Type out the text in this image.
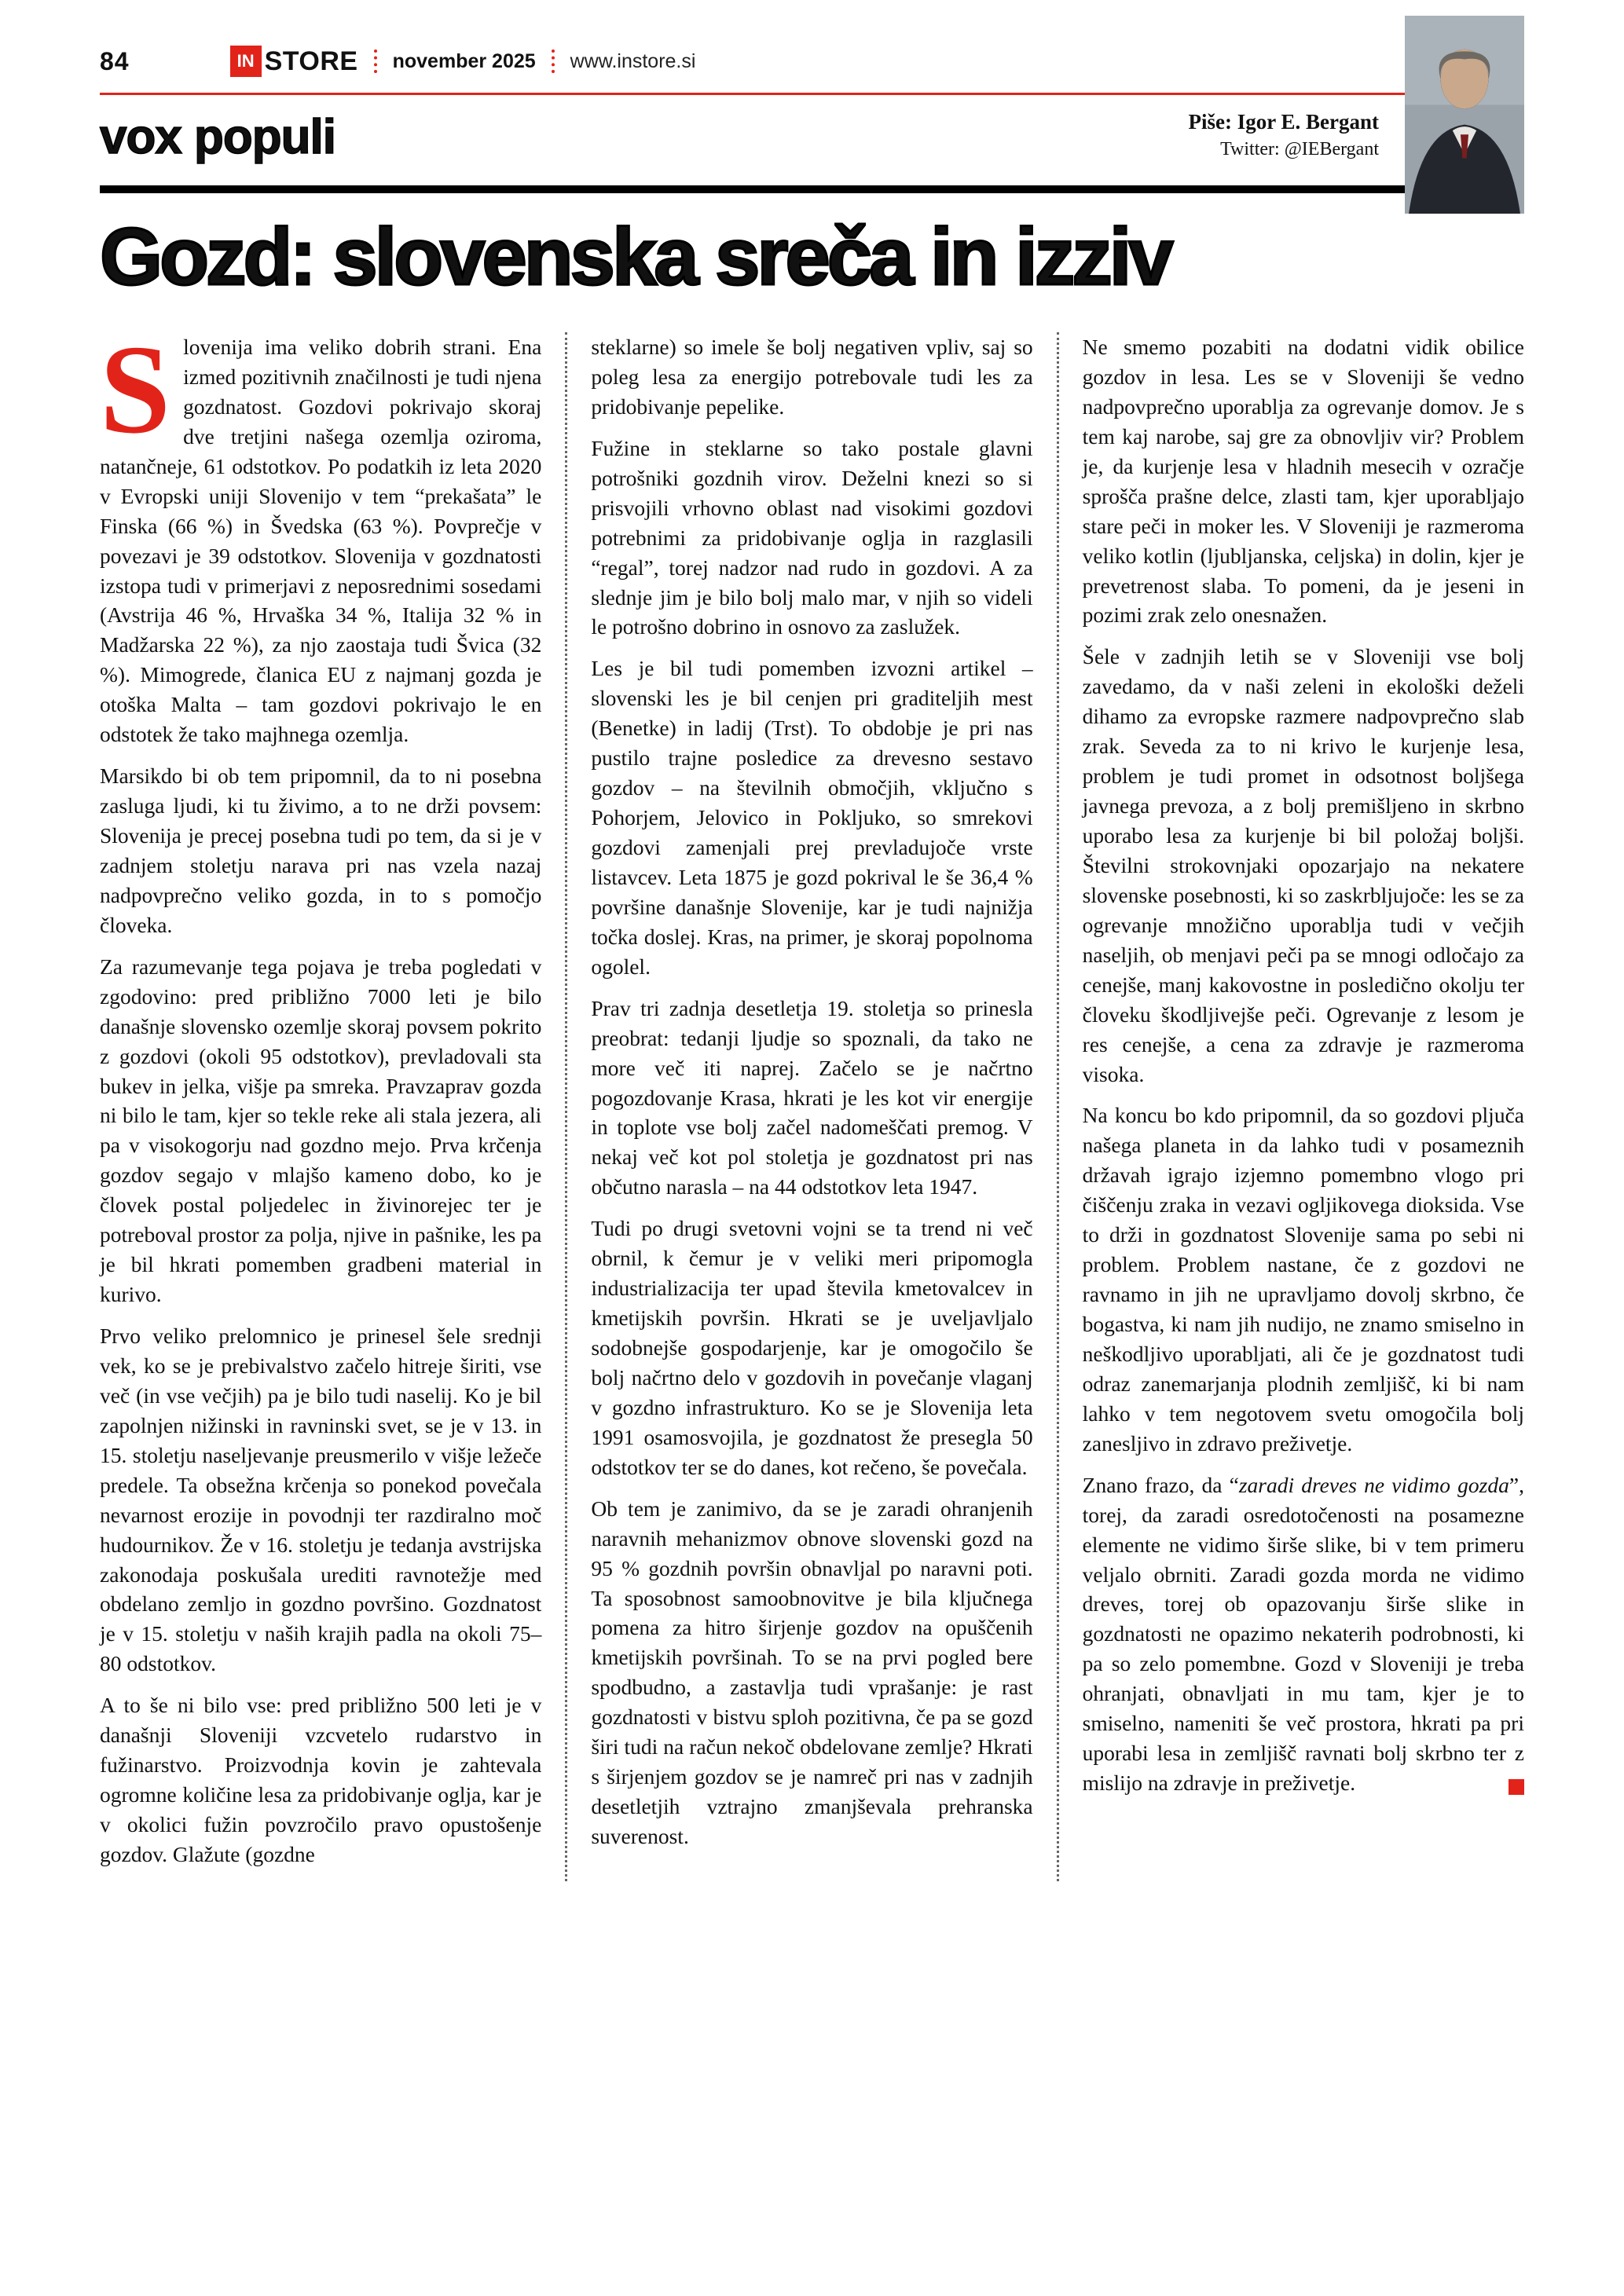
84	IN STORE november 2025 www.instore.si
vox populi	Piše: Igor E. Bergant
Twitter: @IEBergant
Gozd: slovenska sreča in izziv

Slovenija ima veliko dobrih strani. Ena izmed pozitivnih značilnosti je tudi njena gozdnatost. Gozdovi pokrivajo skoraj dve tretjini našega ozemlja oziroma, natančneje, 61 odstotkov. Po podatkih iz leta 2020 v Evropski uniji Slovenijo v tem “prekašata” le Finska (66 %) in Švedska (63 %). Povprečje v povezavi je 39 odstotkov. Slovenija v gozdnatosti izstopa tudi v primerjavi z neposrednimi sosedami (Avstrija 46 %, Hrvaška 34 %, Italija 32 % in Madžarska 22 %), za njo zaostaja tudi Švica (32 %). Mimogrede, članica EU z najmanj gozda je otoška Malta – tam gozdovi pokrivajo le en odstotek že tako majhnega ozemlja.

Marsikdo bi ob tem pripomnil, da to ni posebna zasluga ljudi, ki tu živimo, a to ne drži povsem: Slovenija je precej posebna tudi po tem, da si je v zadnjem stoletju narava pri nas vzela nazaj nadpovprečno veliko gozda, in to s pomočjo človeka.

Za razumevanje tega pojava je treba pogledati v zgodovino: pred približno 7000 leti je bilo današnje slovensko ozemlje skoraj povsem pokrito z gozdovi (okoli 95 odstotkov), prevladovali sta bukev in jelka, višje pa smreka. Pravzaprav gozda ni bilo le tam, kjer so tekle reke ali stala jezera, ali pa v visokogorju nad gozdno mejo. Prva krčenja gozdov segajo v mlajšo kameno dobo, ko je človek postal poljedelec in živinorejec ter je potreboval prostor za polja, njive in pašnike, les pa je bil hkrati pomemben gradbeni material in kurivo.

Prvo veliko prelomnico je prinesel šele srednji vek, ko se je prebivalstvo začelo hitreje širiti, vse več (in vse večjih) pa je bilo tudi naselij. Ko je bil zapolnjen nižinski in ravninski svet, se je v 13. in 15. stoletju naseljevanje preusmerilo v višje ležeče predele. Ta obsežna krčenja so ponekod povečala nevarnost erozije in povodnji ter razdiralno moč hudournikov. Že v 16. stoletju je tedanja avstrijska zakonodaja poskušala urediti ravnotežje med obdelano zemljo in gozdno površino. Gozdnatost je v 15. stoletju v naših krajih padla na okoli 75–80 odstotkov.

A to še ni bilo vse: pred približno 500 leti je v današnji Sloveniji vzcvetelo rudarstvo in fužinarstvo. Proizvodnja kovin je zahtevala ogromne količine lesa za pridobivanje oglja, kar je v okolici fužin povzročilo pravo opustošenje gozdov. Glažute (gozdne

steklarne) so imele še bolj negativen vpliv, saj so poleg lesa za energijo potrebovale tudi les za pridobivanje pepelike.

Fužine in steklarne so tako postale glavni potrošniki gozdnih virov. Deželni knezi so si prisvojili vrhovno oblast nad visokimi gozdovi potrebnimi za pridobivanje oglja in razglasili “regal”, torej nadzor nad rudo in gozdovi. A za slednje jim je bilo bolj malo mar, v njih so videli le potrošno dobrino in osnovo za zaslužek.

Les je bil tudi pomemben izvozni artikel – slovenski les je bil cenjen pri graditeljih mest (Benetke) in ladij (Trst). To obdobje je pri nas pustilo trajne posledice za drevesno sestavo gozdov – na številnih območjih, vključno s Pohorjem, Jelovico in Pokljuko, so smrekovi gozdovi zamenjali prej prevladujoče vrste listavcev. Leta 1875 je gozd pokrival le še 36,4 % površine današnje Slovenije, kar je tudi najnižja točka doslej. Kras, na primer, je skoraj popolnoma ogolel.

Prav tri zadnja desetletja 19. stoletja so prinesla preobrat: tedanji ljudje so spoznali, da tako ne more več iti naprej. Začelo se je načrtno pogozdovanje Krasa, hkrati je les kot vir energije in toplote vse bolj začel nadomeščati premog. V nekaj več kot pol stoletja je gozdnatost pri nas občutno narasla – na 44 odstotkov leta 1947.

Tudi po drugi svetovni vojni se ta trend ni več obrnil, k čemur je v veliki meri pripomogla industrializacija ter upad števila kmetovalcev in kmetijskih površin. Hkrati se je uveljavljalo sodobnejše gospodarjenje, kar je omogočilo še bolj načrtno delo v gozdovih in povečanje vlaganj v gozdno infrastrukturo. Ko se je Slovenija leta 1991 osamosvojila, je gozdnatost že presegla 50 odstotkov ter se do danes, kot rečeno, še povečala.

Ob tem je zanimivo, da se je zaradi ohranjenih naravnih mehanizmov obnove slovenski gozd na 95 % gozdnih površin obnavljal po naravni poti. Ta sposobnost samoobnovitve je bila ključnega pomena za hitro širjenje gozdov na opuščenih kmetijskih površinah. To se na prvi pogled bere spodbudno, a zastavlja tudi vprašanje: je rast gozdnatosti v bistvu sploh pozitivna, če pa se gozd širi tudi na račun nekoč obdelovane zemlje? Hkrati s širjenjem gozdov se je namreč pri nas v zadnjih desetletjih vztrajno zmanjševala prehranska suverenost.

Ne smemo pozabiti na dodatni vidik obilice gozdov in lesa. Les se v Sloveniji še vedno nadpovprečno uporablja za ogrevanje domov. Je s tem kaj narobe, saj gre za obnovljiv vir? Problem je, da kurjenje lesa v hladnih mesecih v ozračje sprošča prašne delce, zlasti tam, kjer uporabljajo stare peči in moker les. V Sloveniji je razmeroma veliko kotlin (ljubljanska, celjska) in dolin, kjer je prevetrenost slaba. To pomeni, da je jeseni in pozimi zrak zelo onesnažen.

Šele v zadnjih letih se v Sloveniji vse bolj zavedamo, da v naši zeleni in ekološki deželi dihamo za evropske razmere nadpovprečno slab zrak. Seveda za to ni krivo le kurjenje lesa, problem je tudi promet in odsotnost boljšega javnega prevoza, a z bolj premišljeno in skrbno uporabo lesa za kurjenje bi bil položaj boljši. Številni strokovnjaki opozarjajo na nekatere slovenske posebnosti, ki so zaskrbljujoče: les se za ogrevanje množično uporablja tudi v večjih naseljih, ob menjavi peči pa se mnogi odločajo za cenejše, manj kakovostne in posledično okolju ter človeku škodljivejše peči. Ogrevanje z lesom je res cenejše, a cena za zdravje je razmeroma visoka.

Na koncu bo kdo pripomnil, da so gozdovi pljuča našega planeta in da lahko tudi v posameznih državah igrajo izjemno pomembno vlogo pri čiščenju zraka in vezavi ogljikovega dioksida. Vse to drži in gozdnatost Slovenije sama po sebi ni problem. Problem nastane, če z gozdovi ne ravnamo in jih ne upravljamo dovolj skrbno, če bogastva, ki nam jih nudijo, ne znamo smiselno in neškodljivo uporabljati, ali če je gozdnatost tudi odraz zanemarjanja plodnih zemljišč, ki bi nam lahko v tem negotovem svetu omogočila bolj zanesljivo in zdravo preživetje.

Znano frazo, da “zaradi dreves ne vidimo gozda”, torej, da zaradi osredotočenosti na posamezne elemente ne vidimo širše slike, bi v tem primeru veljalo obrniti. Zaradi gozda morda ne vidimo dreves, torej ob opazovanju širše slike in gozdnatosti ne opazimo nekaterih podrobnosti, ki pa so zelo pomembne. Gozd v Sloveniji je treba ohranjati, obnavljati in mu tam, kjer je to smiselno, nameniti še več prostora, hkrati pa pri uporabi lesa in zemljišč ravnati bolj skrbno ter z mislijo na zdravje in preživetje.
